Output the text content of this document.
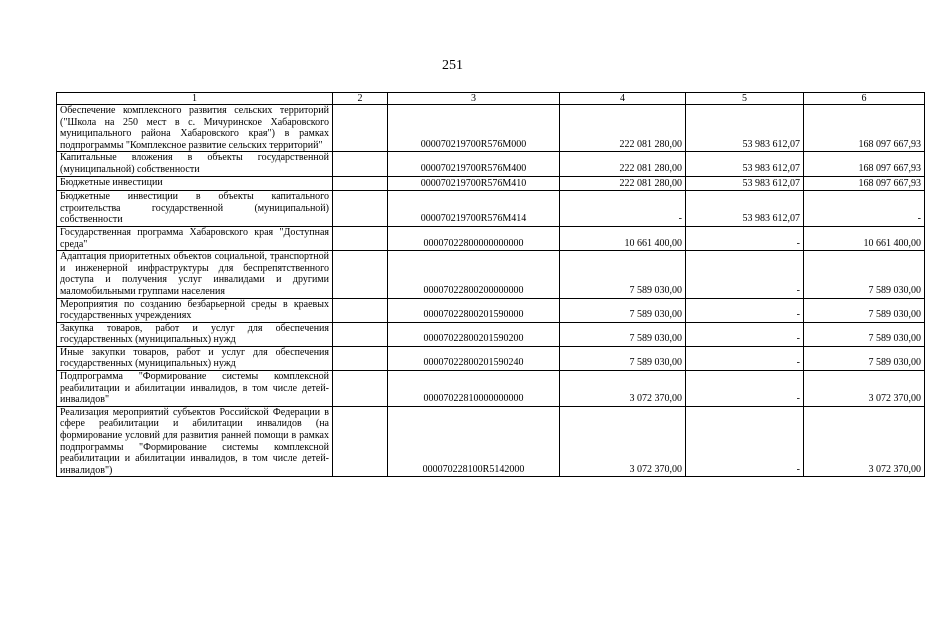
251
1	2	3	4	5	6
Обеспечение комплексного развития сельских территорий ("Школа на 250 мест в с. Мичуринское Хабаровского муниципального района Хабаровского края") в рамках подпрограммы "Комплексное развитие сельских территорий"		000070219700R576M000	222 081 280,00	53 983 612,07	168 097 667,93
Капитальные вложения в объекты государственной (муниципальной) собственности		000070219700R576M400	222 081 280,00	53 983 612,07	168 097 667,93
Бюджетные инвестиции		000070219700R576M410	222 081 280,00	53 983 612,07	168 097 667,93
Бюджетные инвестиции в объекты капитального строительства государственной (муниципальной) собственности		000070219700R576M414	-	53 983 612,07	-
Государственная программа Хабаровского края "Доступная среда"		00007022800000000000	10 661 400,00	-	10 661 400,00
Адаптация приоритетных объектов социальной, транспортной и инженерной инфраструктуры для беспрепятственного доступа и получения услуг инвалидами и другими маломобильными группами населения		00007022800200000000	7 589 030,00	-	7 589 030,00
Мероприятия по созданию безбарьерной среды в краевых государственных учреждениях		00007022800201590000	7 589 030,00	-	7 589 030,00
Закупка товаров, работ и услуг для обеспечения государственных (муниципальных) нужд		00007022800201590200	7 589 030,00	-	7 589 030,00
Иные закупки товаров, работ и услуг для обеспечения государственных (муниципальных) нужд		00007022800201590240	7 589 030,00	-	7 589 030,00
Подпрограмма "Формирование системы комплексной реабилитации и абилитации инвалидов, в том числе детей-инвалидов"		00007022810000000000	3 072 370,00	-	3 072 370,00
Реализация мероприятий субъектов Российской Федерации в сфере реабилитации и абилитации инвалидов (на формирование условий для развития ранней помощи в рамках подпрограммы "Формирование системы комплексной реабилитации и абилитации инвалидов, в том числе детей-инвалидов")		000070228100R5142000	3 072 370,00	-	3 072 370,00
